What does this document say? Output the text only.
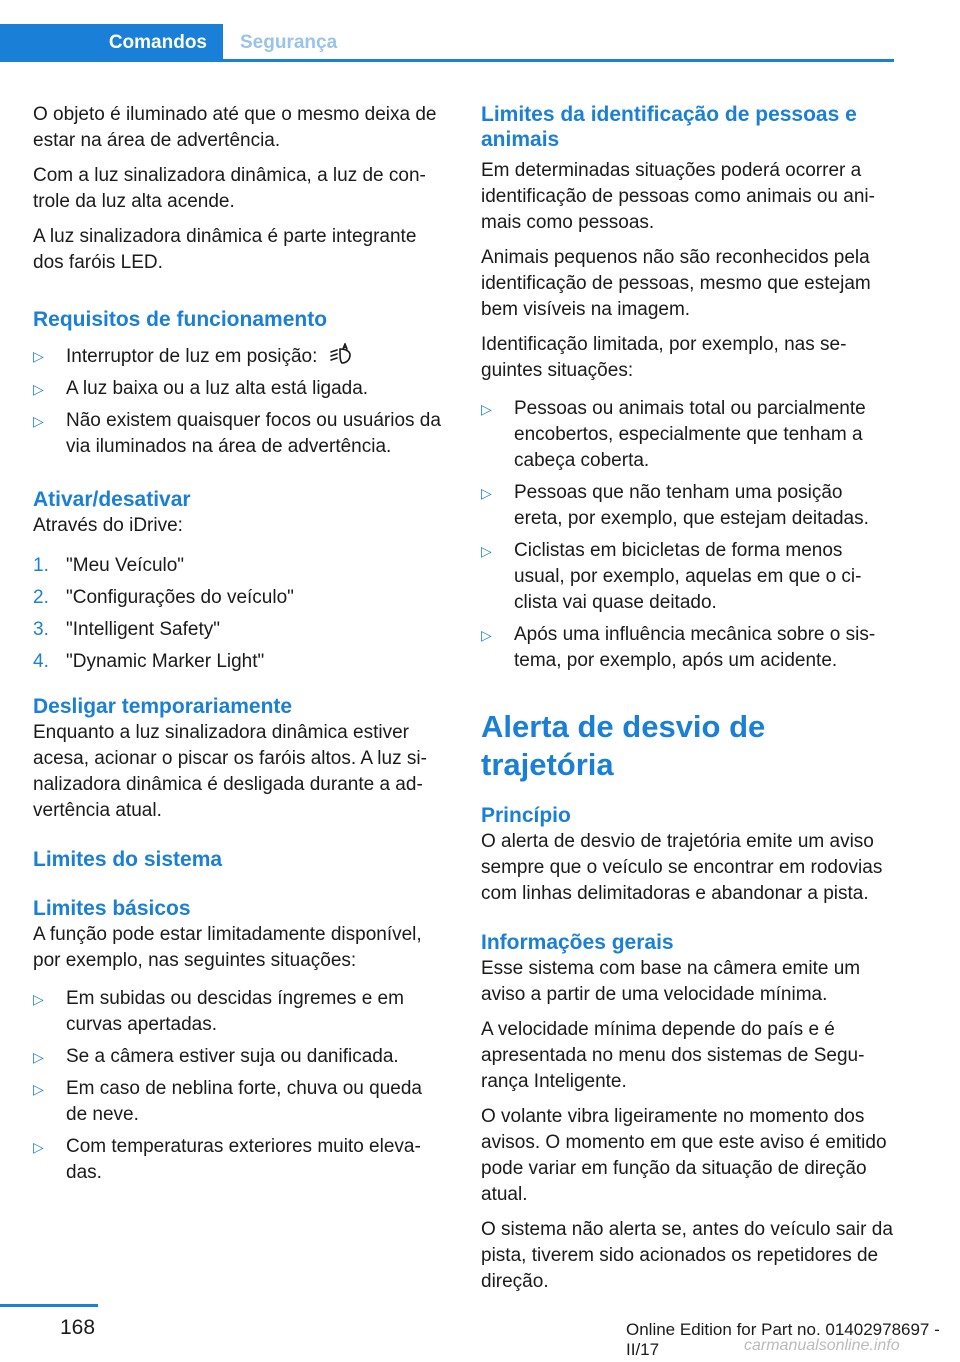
Comandos	Segurança

O objeto é iluminado até que o mesmo deixa de estar na área de advertência.

Com a luz sinalizadora dinâmica, a luz de controle da luz alta acende.

A luz sinalizadora dinâmica é parte integrante dos faróis LED.

Requisitos de funcionamento
▷ Interruptor de luz em posição:
▷ A luz baixa ou a luz alta está ligada.
▷ Não existem quaisquer focos ou usuários da via iluminados na área de advertência.
Ativar/desativar

Através do iDrive:

1. "Meu Veículo"
2. "Configurações do veículo"
3. "Intelligent Safety"
4. "Dynamic Marker Light"
Desligar temporariamente

Enquanto a luz sinalizadora dinâmica estiver acesa, acionar o piscar os faróis altos. A luz sinalizadora dinâmica é desligada durante a advertência atual.

Limites do sistema
Limites básicos

A função pode estar limitadamente disponível, por exemplo, nas seguintes situações:

▷ Em subidas ou descidas íngremes e em curvas apertadas.
▷ Se a câmera estiver suja ou danificada.
▷ Em caso de neblina forte, chuva ou queda de neve.
▷ Com temperaturas exteriores muito elevadas.
Limites da identificação de pessoas e animais

Em determinadas situações poderá ocorrer a identificação de pessoas como animais ou animais como pessoas.

Animais pequenos não são reconhecidos pela identificação de pessoas, mesmo que estejam bem visíveis na imagem.

Identificação limitada, por exemplo, nas seguintes situações:

▷ Pessoas ou animais total ou parcialmente encobertos, especialmente que tenham a cabeça coberta.
▷ Pessoas que não tenham uma posição ereta, por exemplo, que estejam deitadas.
▷ Ciclistas em bicicletas de forma menos usual, por exemplo, aquelas em que o ciclista vai quase deitado.
▷ Após uma influência mecânica sobre o sistema, por exemplo, após um acidente.
Alerta de desvio de trajetória
Princípio

O alerta de desvio de trajetória emite um aviso sempre que o veículo se encontrar em rodovias com linhas delimitadoras e abandonar a pista.

Informações gerais

Esse sistema com base na câmera emite um aviso a partir de uma velocidade mínima.

A velocidade mínima depende do país e é apresentada no menu dos sistemas de Segurança Inteligente.

O volante vibra ligeiramente no momento dos avisos. O momento em que este aviso é emitido pode variar em função da situação de direção atual.

O sistema não alerta se, antes do veículo sair da pista, tiverem sido acionados os repetidores de direção.

168	Online Edition for Part no. 01402978697 - II/17	carmanualsonline.info
